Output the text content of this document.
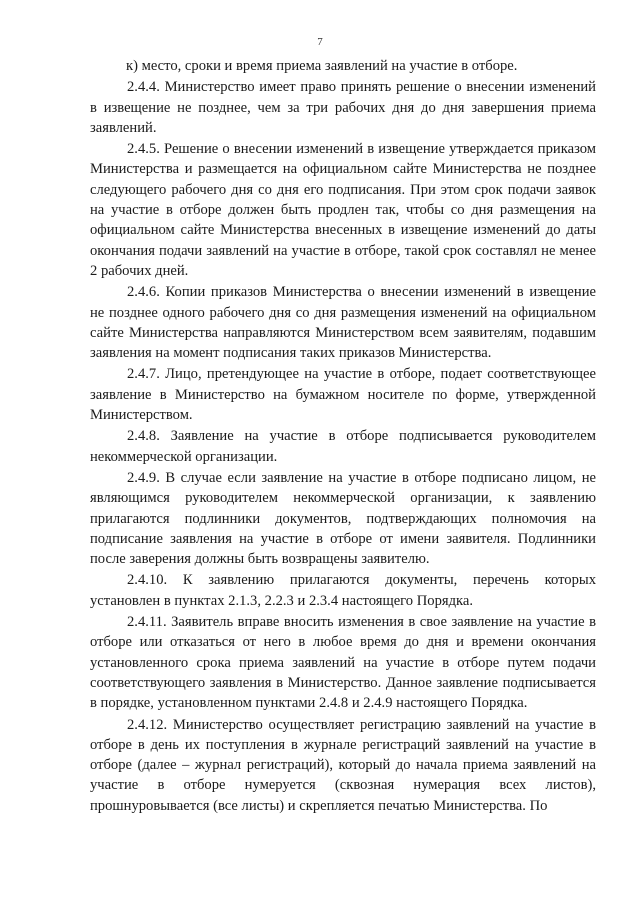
7

к) место, сроки и время приема заявлений на участие в отборе.

2.4.4. Министерство имеет право принять решение о внесении изменений в извещение не позднее, чем за три рабочих дня до дня завершения приема заявлений.

2.4.5. Решение о внесении изменений в извещение утверждается приказом Министерства и размещается на официальном сайте Министерства не позднее следующего рабочего дня со дня его подписания. При этом срок подачи заявок на участие в отборе должен быть продлен так, чтобы со дня размещения на официальном сайте Министерства внесенных в извещение изменений до даты окончания подачи заявлений на участие в отборе, такой срок составлял не менее 2 рабочих дней.

2.4.6. Копии приказов Министерства о внесении изменений в извещение не позднее одного рабочего дня со дня размещения изменений на официальном сайте Министерства направляются Министерством всем заявителям, подавшим заявления на момент подписания таких приказов Министерства.

2.4.7. Лицо, претендующее на участие в отборе, подает соответствующее заявление в Министерство на бумажном носителе по форме, утвержденной Министерством.

2.4.8. Заявление на участие в отборе подписывается руководителем некоммерческой организации.

2.4.9. В случае если заявление на участие в отборе подписано лицом, не являющимся руководителем некоммерческой организации, к заявлению прилагаются подлинники документов, подтверждающих полномочия на подписание заявления на участие в отборе от имени заявителя. Подлинники после заверения должны быть возвращены заявителю.

2.4.10. К заявлению прилагаются документы, перечень которых установлен в пунктах 2.1.3, 2.2.3 и 2.3.4 настоящего Порядка.

2.4.11. Заявитель вправе вносить изменения в свое заявление на участие в отборе или отказаться от него в любое время до дня и времени окончания установленного срока приема заявлений на участие в отборе путем подачи соответствующего заявления в Министерство. Данное заявление подписывается в порядке, установленном пунктами 2.4.8 и 2.4.9 настоящего Порядка.

2.4.12. Министерство осуществляет регистрацию заявлений на участие в отборе в день их поступления в журнале регистраций заявлений на участие в отборе (далее – журнал регистраций), который до начала приема заявлений на участие в отборе нумеруется (сквозная нумерация всех листов), прошнуровывается (все листы) и скрепляется печатью Министерства. По
